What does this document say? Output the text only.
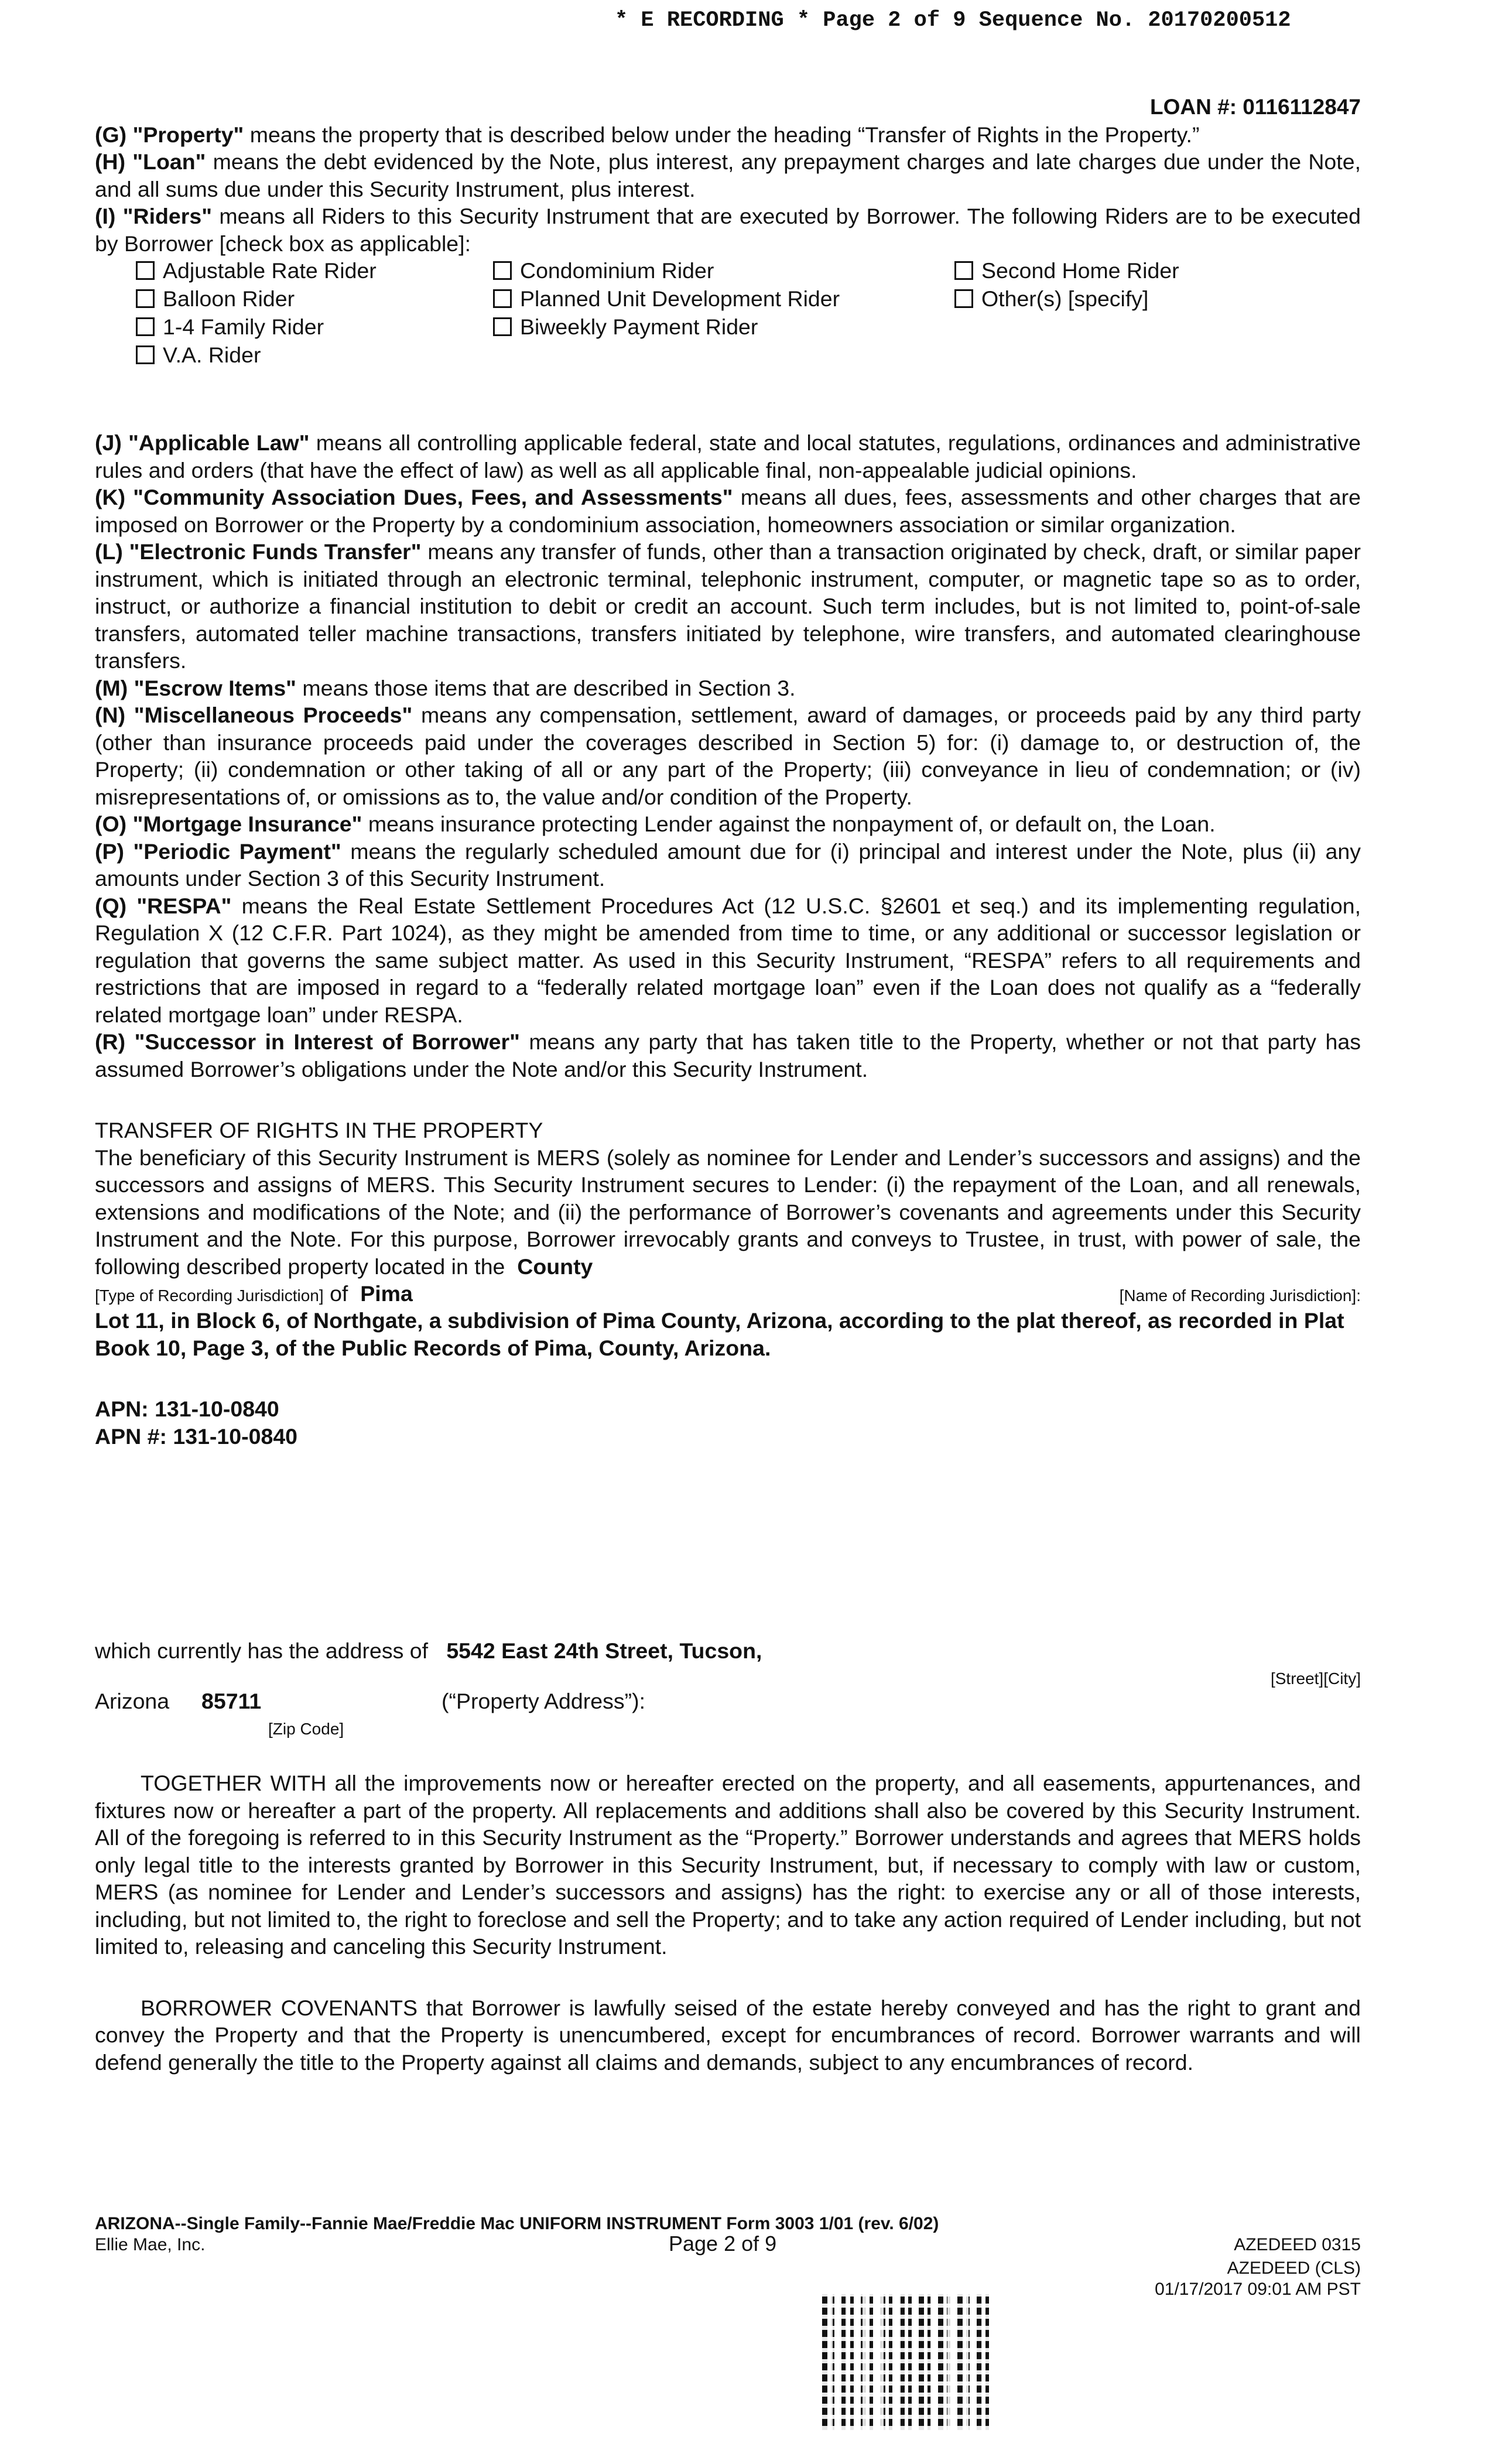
* E RECORDING * Page 2 of 9 Sequence No. 20170200512
LOAN #: 0116112847

(G) "Property" means the property that is described below under the heading “Transfer of Rights in the Property.”

(H) "Loan" means the debt evidenced by the Note, plus interest, any prepayment charges and late charges due under the Note, and all sums due under this Security Instrument, plus interest.

(I) "Riders" means all Riders to this Security Instrument that are executed by Borrower. The following Riders are to be executed by Borrower [check box as applicable]:

Adjustable Rate Rider
Balloon Rider
1-4 Family Rider
V.A. Rider
Condominium Rider
Planned Unit Development Rider
Biweekly Payment Rider
Second Home Rider
Other(s) [specify]

(J) "Applicable Law" means all controlling applicable federal, state and local statutes, regulations, ordinances and administrative rules and orders (that have the effect of law) as well as all applicable final, non-appealable judicial opinions.

(K) "Community Association Dues, Fees, and Assessments" means all dues, fees, assessments and other charges that are imposed on Borrower or the Property by a condominium association, homeowners association or similar organization.

(L) "Electronic Funds Transfer" means any transfer of funds, other than a transaction originated by check, draft, or similar paper instrument, which is initiated through an electronic terminal, telephonic instrument, computer, or magnetic tape so as to order, instruct, or authorize a financial institution to debit or credit an account. Such term includes, but is not limited to, point-of-sale transfers, automated teller machine transactions, transfers initiated by telephone, wire transfers, and automated clearinghouse transfers.

(M) "Escrow Items" means those items that are described in Section 3.

(N) "Miscellaneous Proceeds" means any compensation, settlement, award of damages, or proceeds paid by any third party (other than insurance proceeds paid under the coverages described in Section 5) for: (i) damage to, or destruction of, the Property; (ii) condemnation or other taking of all or any part of the Property; (iii) conveyance in lieu of condemnation; or (iv) misrepresentations of, or omissions as to, the value and/or condition of the Property.

(O) "Mortgage Insurance" means insurance protecting Lender against the nonpayment of, or default on, the Loan.

(P) "Periodic Payment" means the regularly scheduled amount due for (i) principal and interest under the Note, plus (ii) any amounts under Section 3 of this Security Instrument.

(Q) "RESPA" means the Real Estate Settlement Procedures Act (12 U.S.C. §2601 et seq.) and its implementing regulation, Regulation X (12 C.F.R. Part 1024), as they might be amended from time to time, or any additional or successor legislation or regulation that governs the same subject matter. As used in this Security Instrument, “RESPA” refers to all requirements and restrictions that are imposed in regard to a “federally related mortgage loan” even if the Loan does not qualify as a “federally related mortgage loan” under RESPA.

(R) "Successor in Interest of Borrower" means any party that has taken title to the Property, whether or not that party has assumed Borrower’s obligations under the Note and/or this Security Instrument.

TRANSFER OF RIGHTS IN THE PROPERTY

The beneficiary of this Security Instrument is MERS (solely as nominee for Lender and Lender’s successors and assigns) and the successors and assigns of MERS. This Security Instrument secures to Lender: (i) the repayment of the Loan, and all renewals, extensions and modifications of the Note; and (ii) the performance of Borrower’s covenants and agreements under this Security Instrument and the Note. For this purpose, Borrower irrevocably grants and conveys to Trustee, in trust, with power of sale, the following described property located in the County

[Type of Recording Jurisdiction] of Pima	[Name of Recording Jurisdiction]:

Lot 11, in Block 6, of Northgate, a subdivision of Pima County, Arizona, according to the plat thereof, as recorded in Plat Book 10, Page 3, of the Public Records of Pima, County, Arizona.

APN: 131-10-0840

APN #: 131-10-0840

which currently has the address of 5542 East 24th Street, Tucson,
[Street][City]
Arizona 85711	(“Property Address”):
[Zip Code]

TOGETHER WITH all the improvements now or hereafter erected on the property, and all easements, appurtenances, and fixtures now or hereafter a part of the property. All replacements and additions shall also be covered by this Security Instrument. All of the foregoing is referred to in this Security Instrument as the “Property.” Borrower understands and agrees that MERS holds only legal title to the interests granted by Borrower in this Security Instrument, but, if necessary to comply with law or custom, MERS (as nominee for Lender and Lender’s successors and assigns) has the right: to exercise any or all of those interests, including, but not limited to, the right to foreclose and sell the Property; and to take any action required of Lender including, but not limited to, releasing and canceling this Security Instrument.

BORROWER COVENANTS that Borrower is lawfully seised of the estate hereby conveyed and has the right to grant and convey the Property and that the Property is unencumbered, except for encumbrances of record. Borrower warrants and will defend generally the title to the Property against all claims and demands, subject to any encumbrances of record.

ARIZONA--Single Family--Fannie Mae/Freddie Mac UNIFORM INSTRUMENT Form 3003 1/01 (rev. 6/02)
Ellie Mae, Inc.	Page 2 of 9	AZEDEED 0315
AZEDEED (CLS)
01/17/2017 09:01 AM PST
